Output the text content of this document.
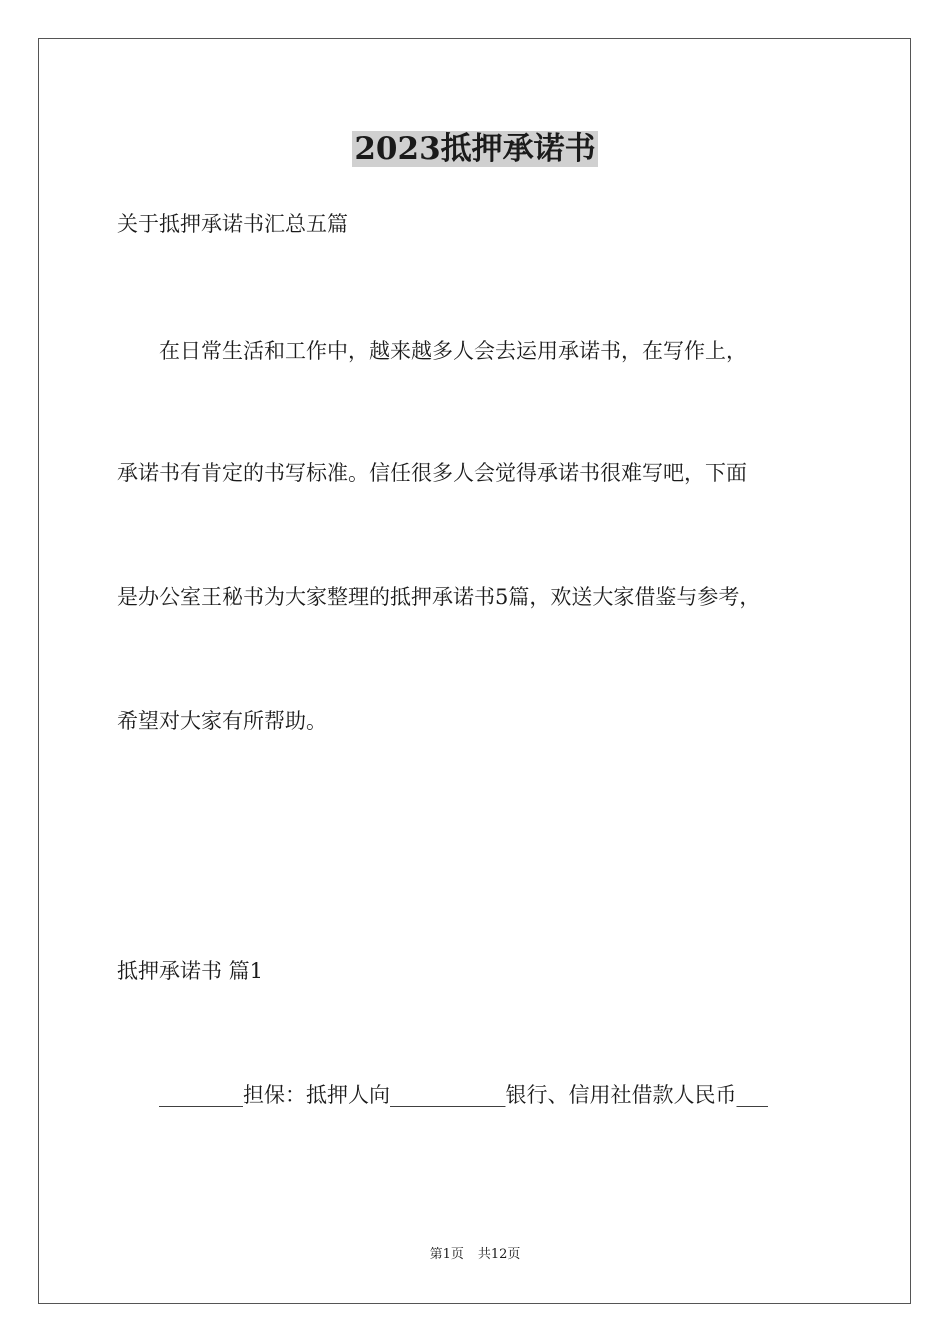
2023抵押承诺书
关于抵押承诺书汇总五篇
　　在日常生活和工作中，越来越多人会去运用承诺书，在写作上，
承诺书有肯定的书写标准。信任很多人会觉得承诺书很难写吧，下面
是办公室王秘书为大家整理的抵押承诺书5篇，欢送大家借鉴与参考，
希望对大家有所帮助。
抵押承诺书 篇1
　　________担保：抵押人向___________银行、信用社借款人民币___
第1页 共12页
